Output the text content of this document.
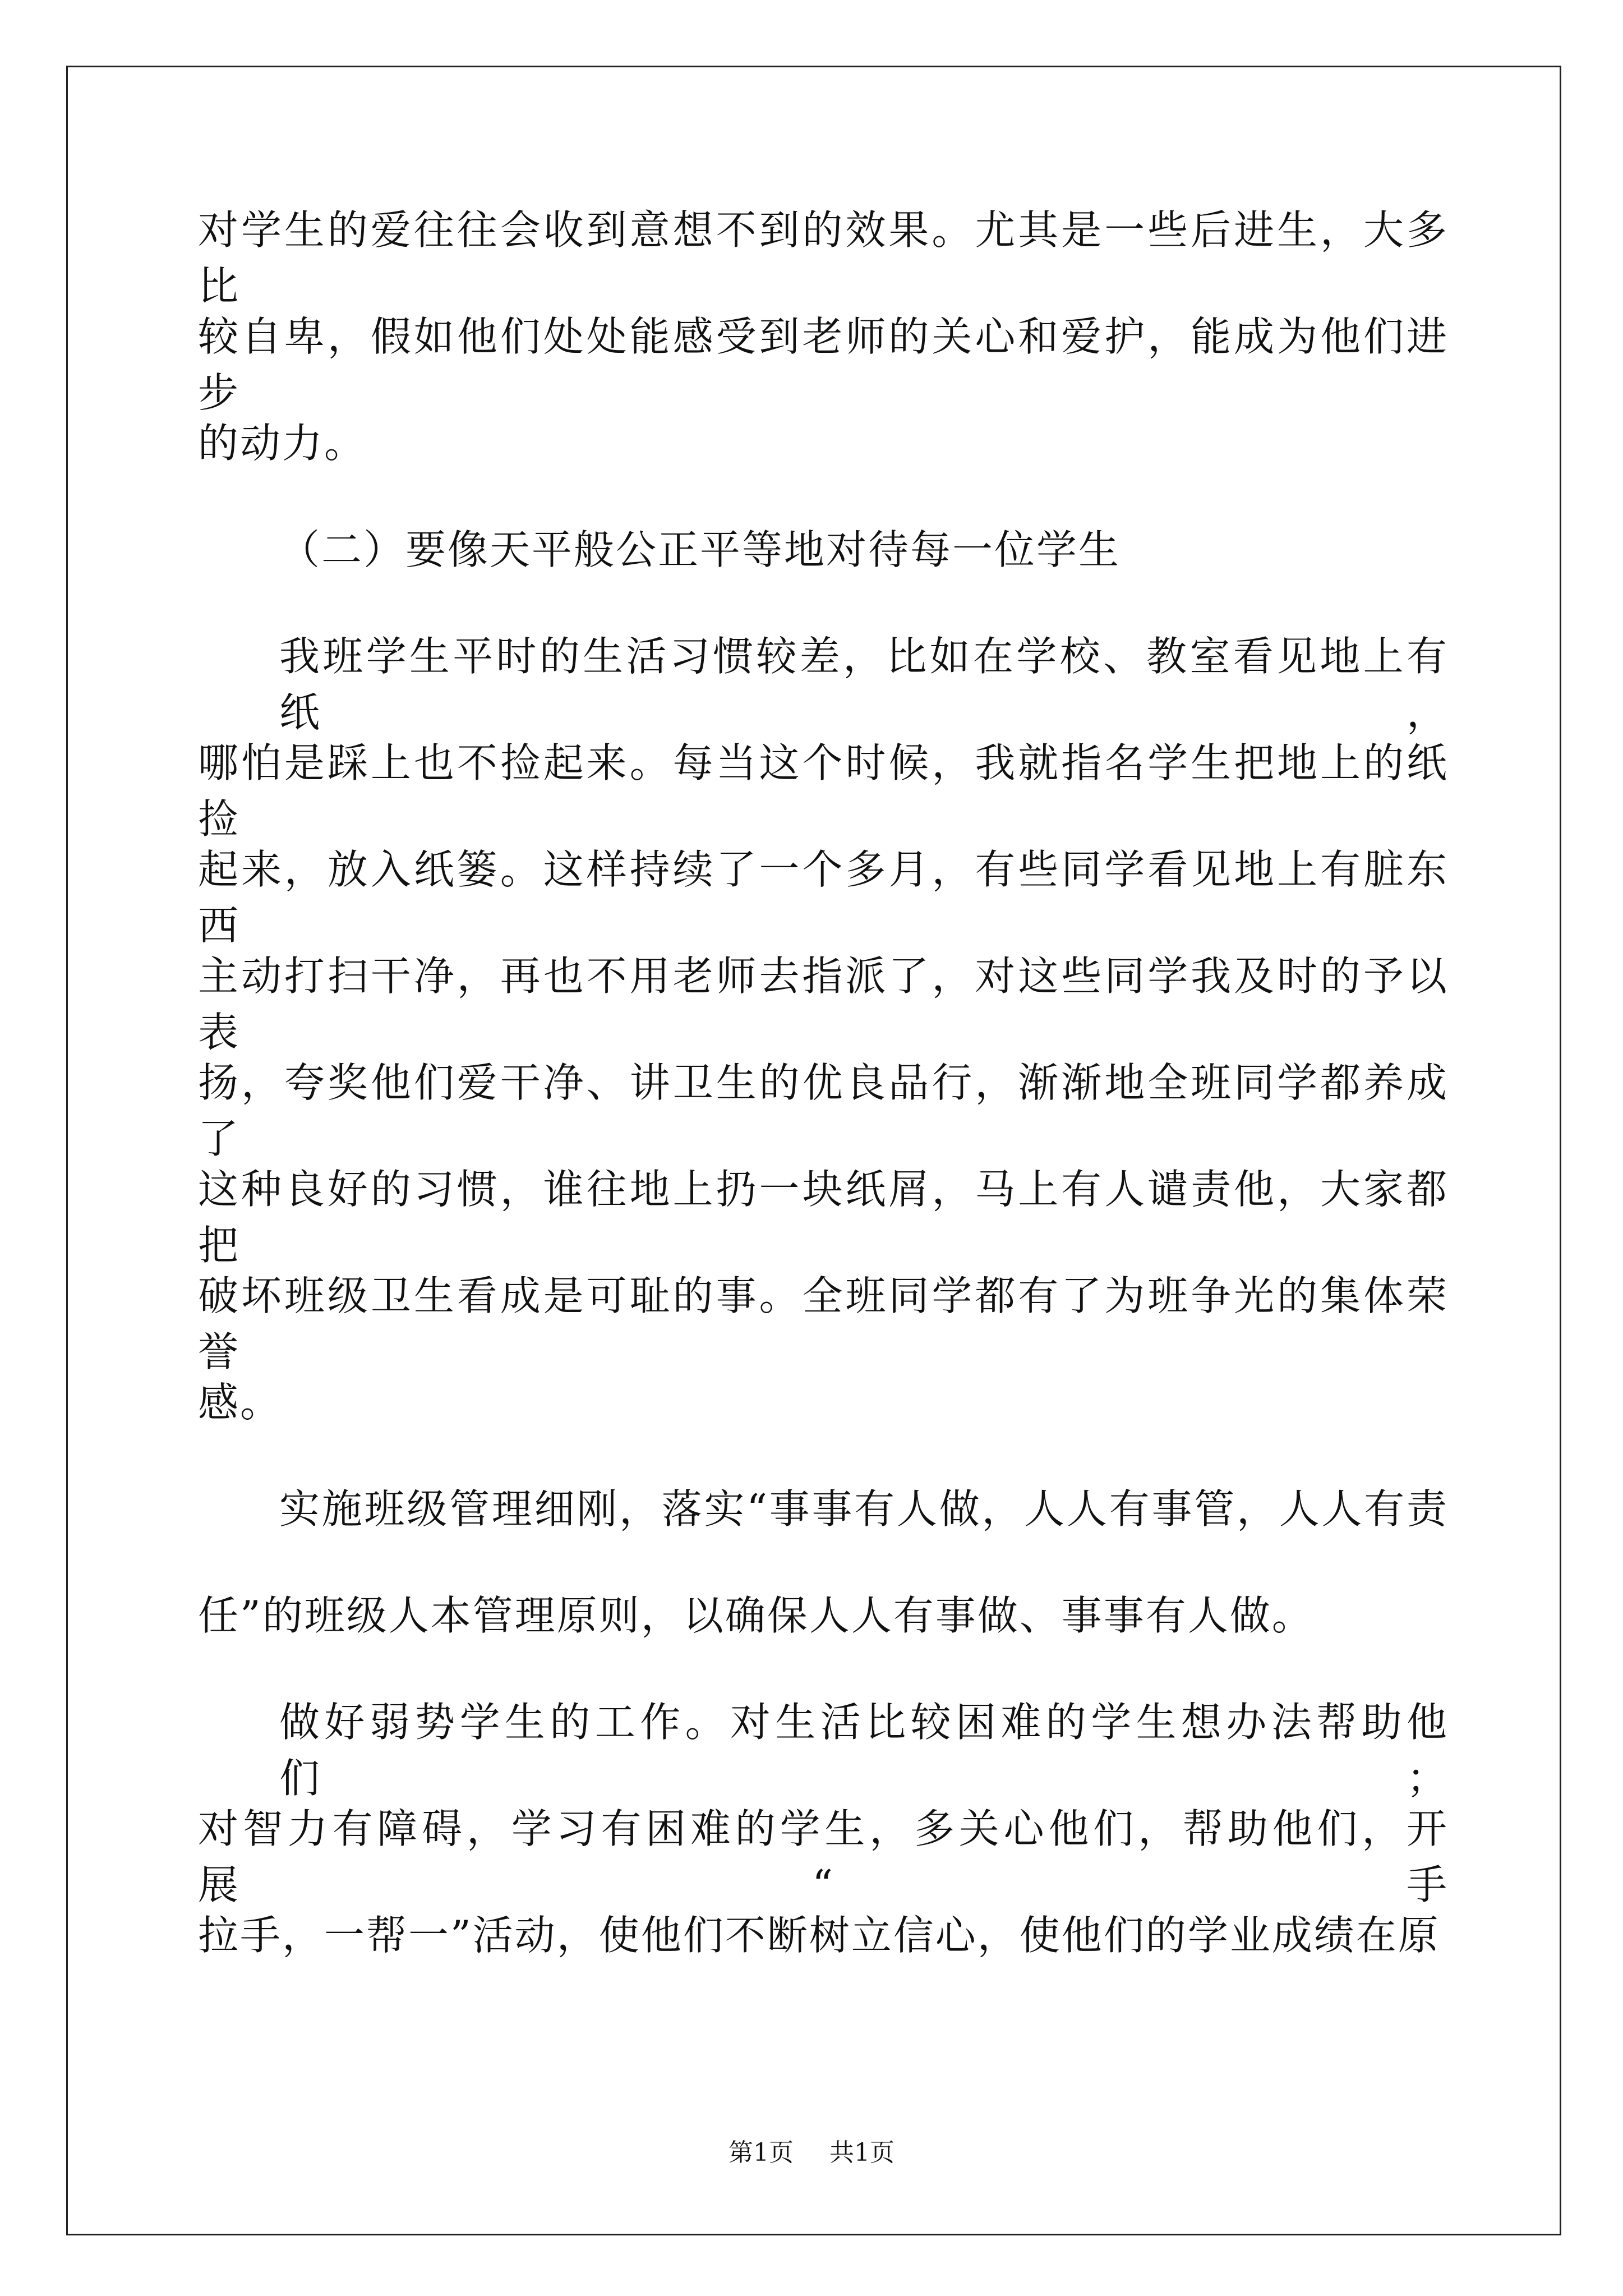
对学生的爱往往会收到意想不到的效果。尤其是一些后进生，大多比
较自卑，假如他们处处能感受到老师的关心和爱护，能成为他们进步
的动力。
（二）要像天平般公正平等地对待每一位学生
我班学生平时的生活习惯较差，比如在学校、教室看见地上有纸，
哪怕是踩上也不捡起来。每当这个时候，我就指名学生把地上的纸捡
起来，放入纸篓。这样持续了一个多月，有些同学看见地上有脏东西
主动打扫干净，再也不用老师去指派了，对这些同学我及时的予以表
扬，夸奖他们爱干净、讲卫生的优良品行，渐渐地全班同学都养成了
这种良好的习惯，谁往地上扔一块纸屑，马上有人谴责他，大家都把
破坏班级卫生看成是可耻的事。全班同学都有了为班争光的集体荣誉
感。
实施班级管理细刚，落实“事事有人做，人人有事管，人人有责
任”的班级人本管理原则，以确保人人有事做、事事有人做。
做好弱势学生的工作。对生活比较困难的学生想办法帮助他们；
对智力有障碍，学习有困难的学生，多关心他们，帮助他们，开展“手
拉手，一帮一”活动，使他们不断树立信心，使他们的学业成绩在原
第1页 共1页
